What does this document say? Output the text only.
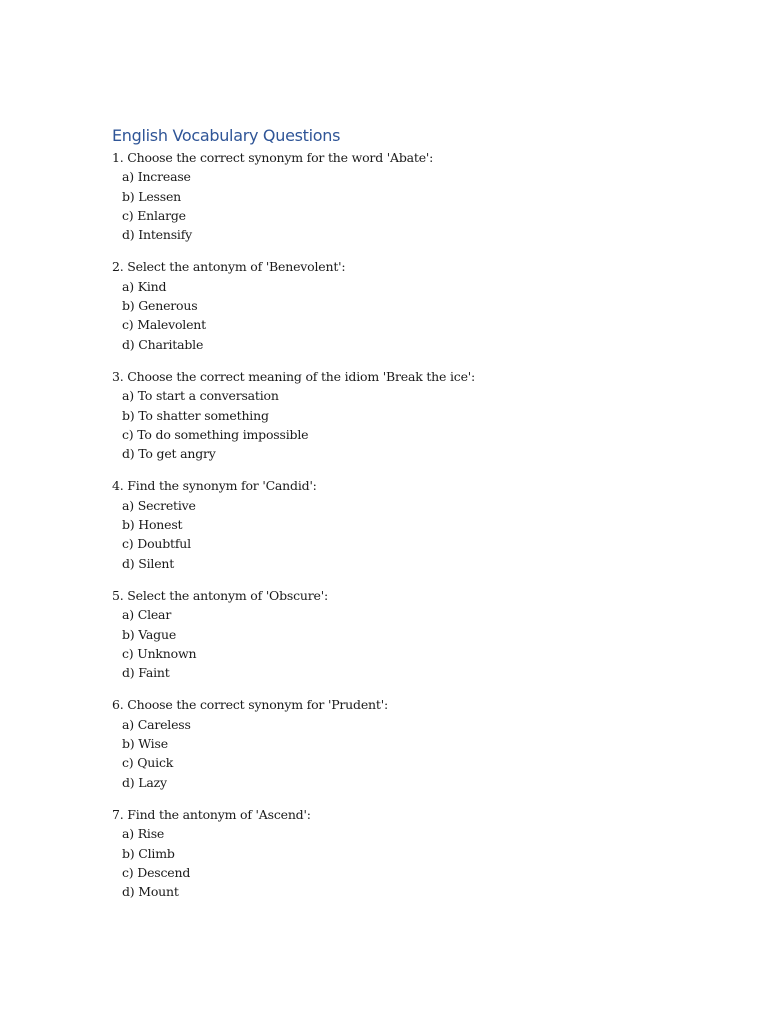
English Vocabulary Questions
1. Choose the correct synonym for the word 'Abate':
a) Increase
b) Lessen
c) Enlarge
d) Intensify
2. Select the antonym of 'Benevolent':
a) Kind
b) Generous
c) Malevolent
d) Charitable
3. Choose the correct meaning of the idiom 'Break the ice':
a) To start a conversation
b) To shatter something
c) To do something impossible
d) To get angry
4. Find the synonym for 'Candid':
a) Secretive
b) Honest
c) Doubtful
d) Silent
5. Select the antonym of 'Obscure':
a) Clear
b) Vague
c) Unknown
d) Faint
6. Choose the correct synonym for 'Prudent':
a) Careless
b) Wise
c) Quick
d) Lazy
7. Find the antonym of 'Ascend':
a) Rise
b) Climb
c) Descend
d) Mount
